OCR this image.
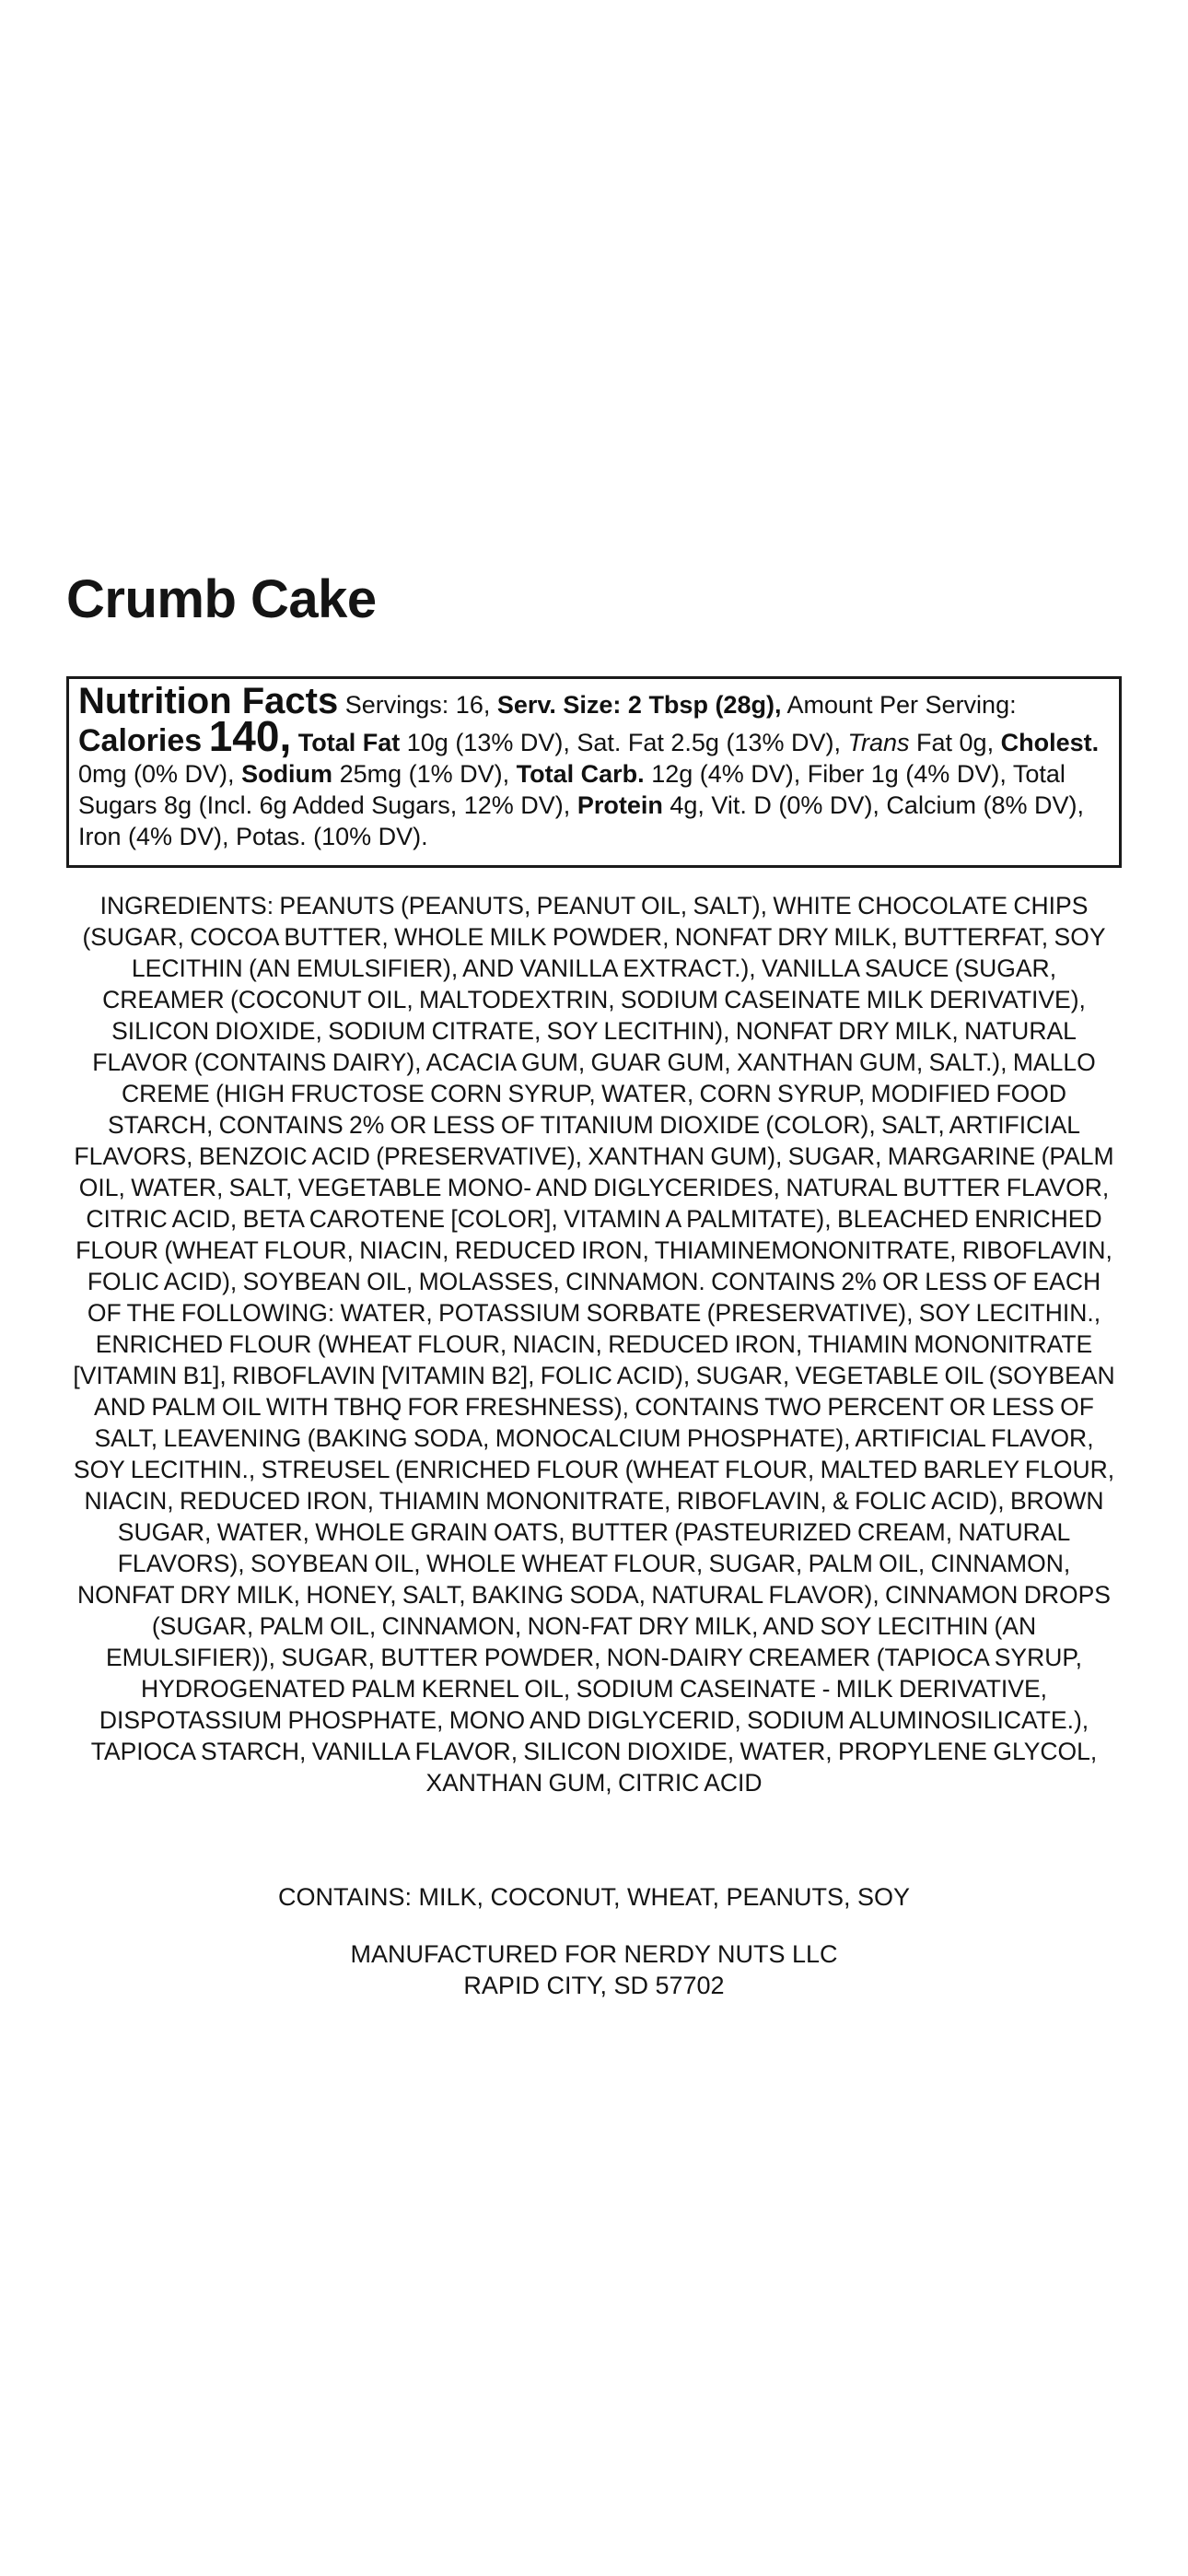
Crumb Cake
Nutrition Facts Servings: 16, Serv. Size: 2 Tbsp (28g), Amount Per Serving: Calories 140, Total Fat 10g (13% DV), Sat. Fat 2.5g (13% DV), Trans Fat 0g, Cholest. 0mg (0% DV), Sodium 25mg (1% DV), Total Carb. 12g (4% DV), Fiber 1g (4% DV), Total Sugars 8g (Incl. 6g Added Sugars, 12% DV), Protein 4g, Vit. D (0% DV), Calcium (8% DV), Iron (4% DV), Potas. (10% DV).

INGREDIENTS: PEANUTS (PEANUTS, PEANUT OIL, SALT), WHITE CHOCOLATE CHIPS (SUGAR, COCOA BUTTER, WHOLE MILK POWDER, NONFAT DRY MILK, BUTTERFAT, SOY LECITHIN (AN EMULSIFIER), AND VANILLA EXTRACT.), VANILLA SAUCE (SUGAR, CREAMER (COCONUT OIL, MALTODEXTRIN, SODIUM CASEINATE MILK DERIVATIVE), SILICON DIOXIDE, SODIUM CITRATE, SOY LECITHIN), NONFAT DRY MILK, NATURAL FLAVOR (CONTAINS DAIRY), ACACIA GUM, GUAR GUM, XANTHAN GUM, SALT.), MALLO CREME (HIGH FRUCTOSE CORN SYRUP, WATER, CORN SYRUP, MODIFIED FOOD STARCH, CONTAINS 2% OR LESS OF TITANIUM DIOXIDE (COLOR), SALT, ARTIFICIAL FLAVORS, BENZOIC ACID (PRESERVATIVE), XANTHAN GUM), SUGAR, MARGARINE (PALM OIL, WATER, SALT, VEGETABLE MONO- AND DIGLYCERIDES, NATURAL BUTTER FLAVOR, CITRIC ACID, BETA CAROTENE [COLOR], VITAMIN A PALMITATE), BLEACHED ENRICHED FLOUR (WHEAT FLOUR, NIACIN, REDUCED IRON, THIAMINEMONONITRATE, RIBOFLAVIN, FOLIC ACID), SOYBEAN OIL, MOLASSES, CINNAMON. CONTAINS 2% OR LESS OF EACH OF THE FOLLOWING: WATER, POTASSIUM SORBATE (PRESERVATIVE), SOY LECITHIN., ENRICHED FLOUR (WHEAT FLOUR, NIACIN, REDUCED IRON, THIAMIN MONONITRATE [VITAMIN B1], RIBOFLAVIN [VITAMIN B2], FOLIC ACID), SUGAR, VEGETABLE OIL (SOYBEAN AND PALM OIL WITH TBHQ FOR FRESHNESS), CONTAINS TWO PERCENT OR LESS OF SALT, LEAVENING (BAKING SODA, MONOCALCIUM PHOSPHATE), ARTIFICIAL FLAVOR, SOY LECITHIN., STREUSEL (ENRICHED FLOUR (WHEAT FLOUR, MALTED BARLEY FLOUR, NIACIN, REDUCED IRON, THIAMIN MONONITRATE, RIBOFLAVIN, & FOLIC ACID), BROWN SUGAR, WATER, WHOLE GRAIN OATS, BUTTER (PASTEURIZED CREAM, NATURAL FLAVORS), SOYBEAN OIL, WHOLE WHEAT FLOUR, SUGAR, PALM OIL, CINNAMON, NONFAT DRY MILK, HONEY, SALT, BAKING SODA, NATURAL FLAVOR), CINNAMON DROPS (SUGAR, PALM OIL, CINNAMON, NON-FAT DRY MILK, AND SOY LECITHIN (AN EMULSIFIER)), SUGAR, BUTTER POWDER, NON-DAIRY CREAMER (TAPIOCA SYRUP, HYDROGENATED PALM KERNEL OIL, SODIUM CASEINATE - MILK DERIVATIVE, DISPOTASSIUM PHOSPHATE, MONO AND DIGLYCERID, SODIUM ALUMINOSILICATE.), TAPIOCA STARCH, VANILLA FLAVOR, SILICON DIOXIDE, WATER, PROPYLENE GLYCOL, XANTHAN GUM, CITRIC ACID

CONTAINS: MILK, COCONUT, WHEAT, PEANUTS, SOY

MANUFACTURED FOR NERDY NUTS LLC
RAPID CITY, SD 57702
